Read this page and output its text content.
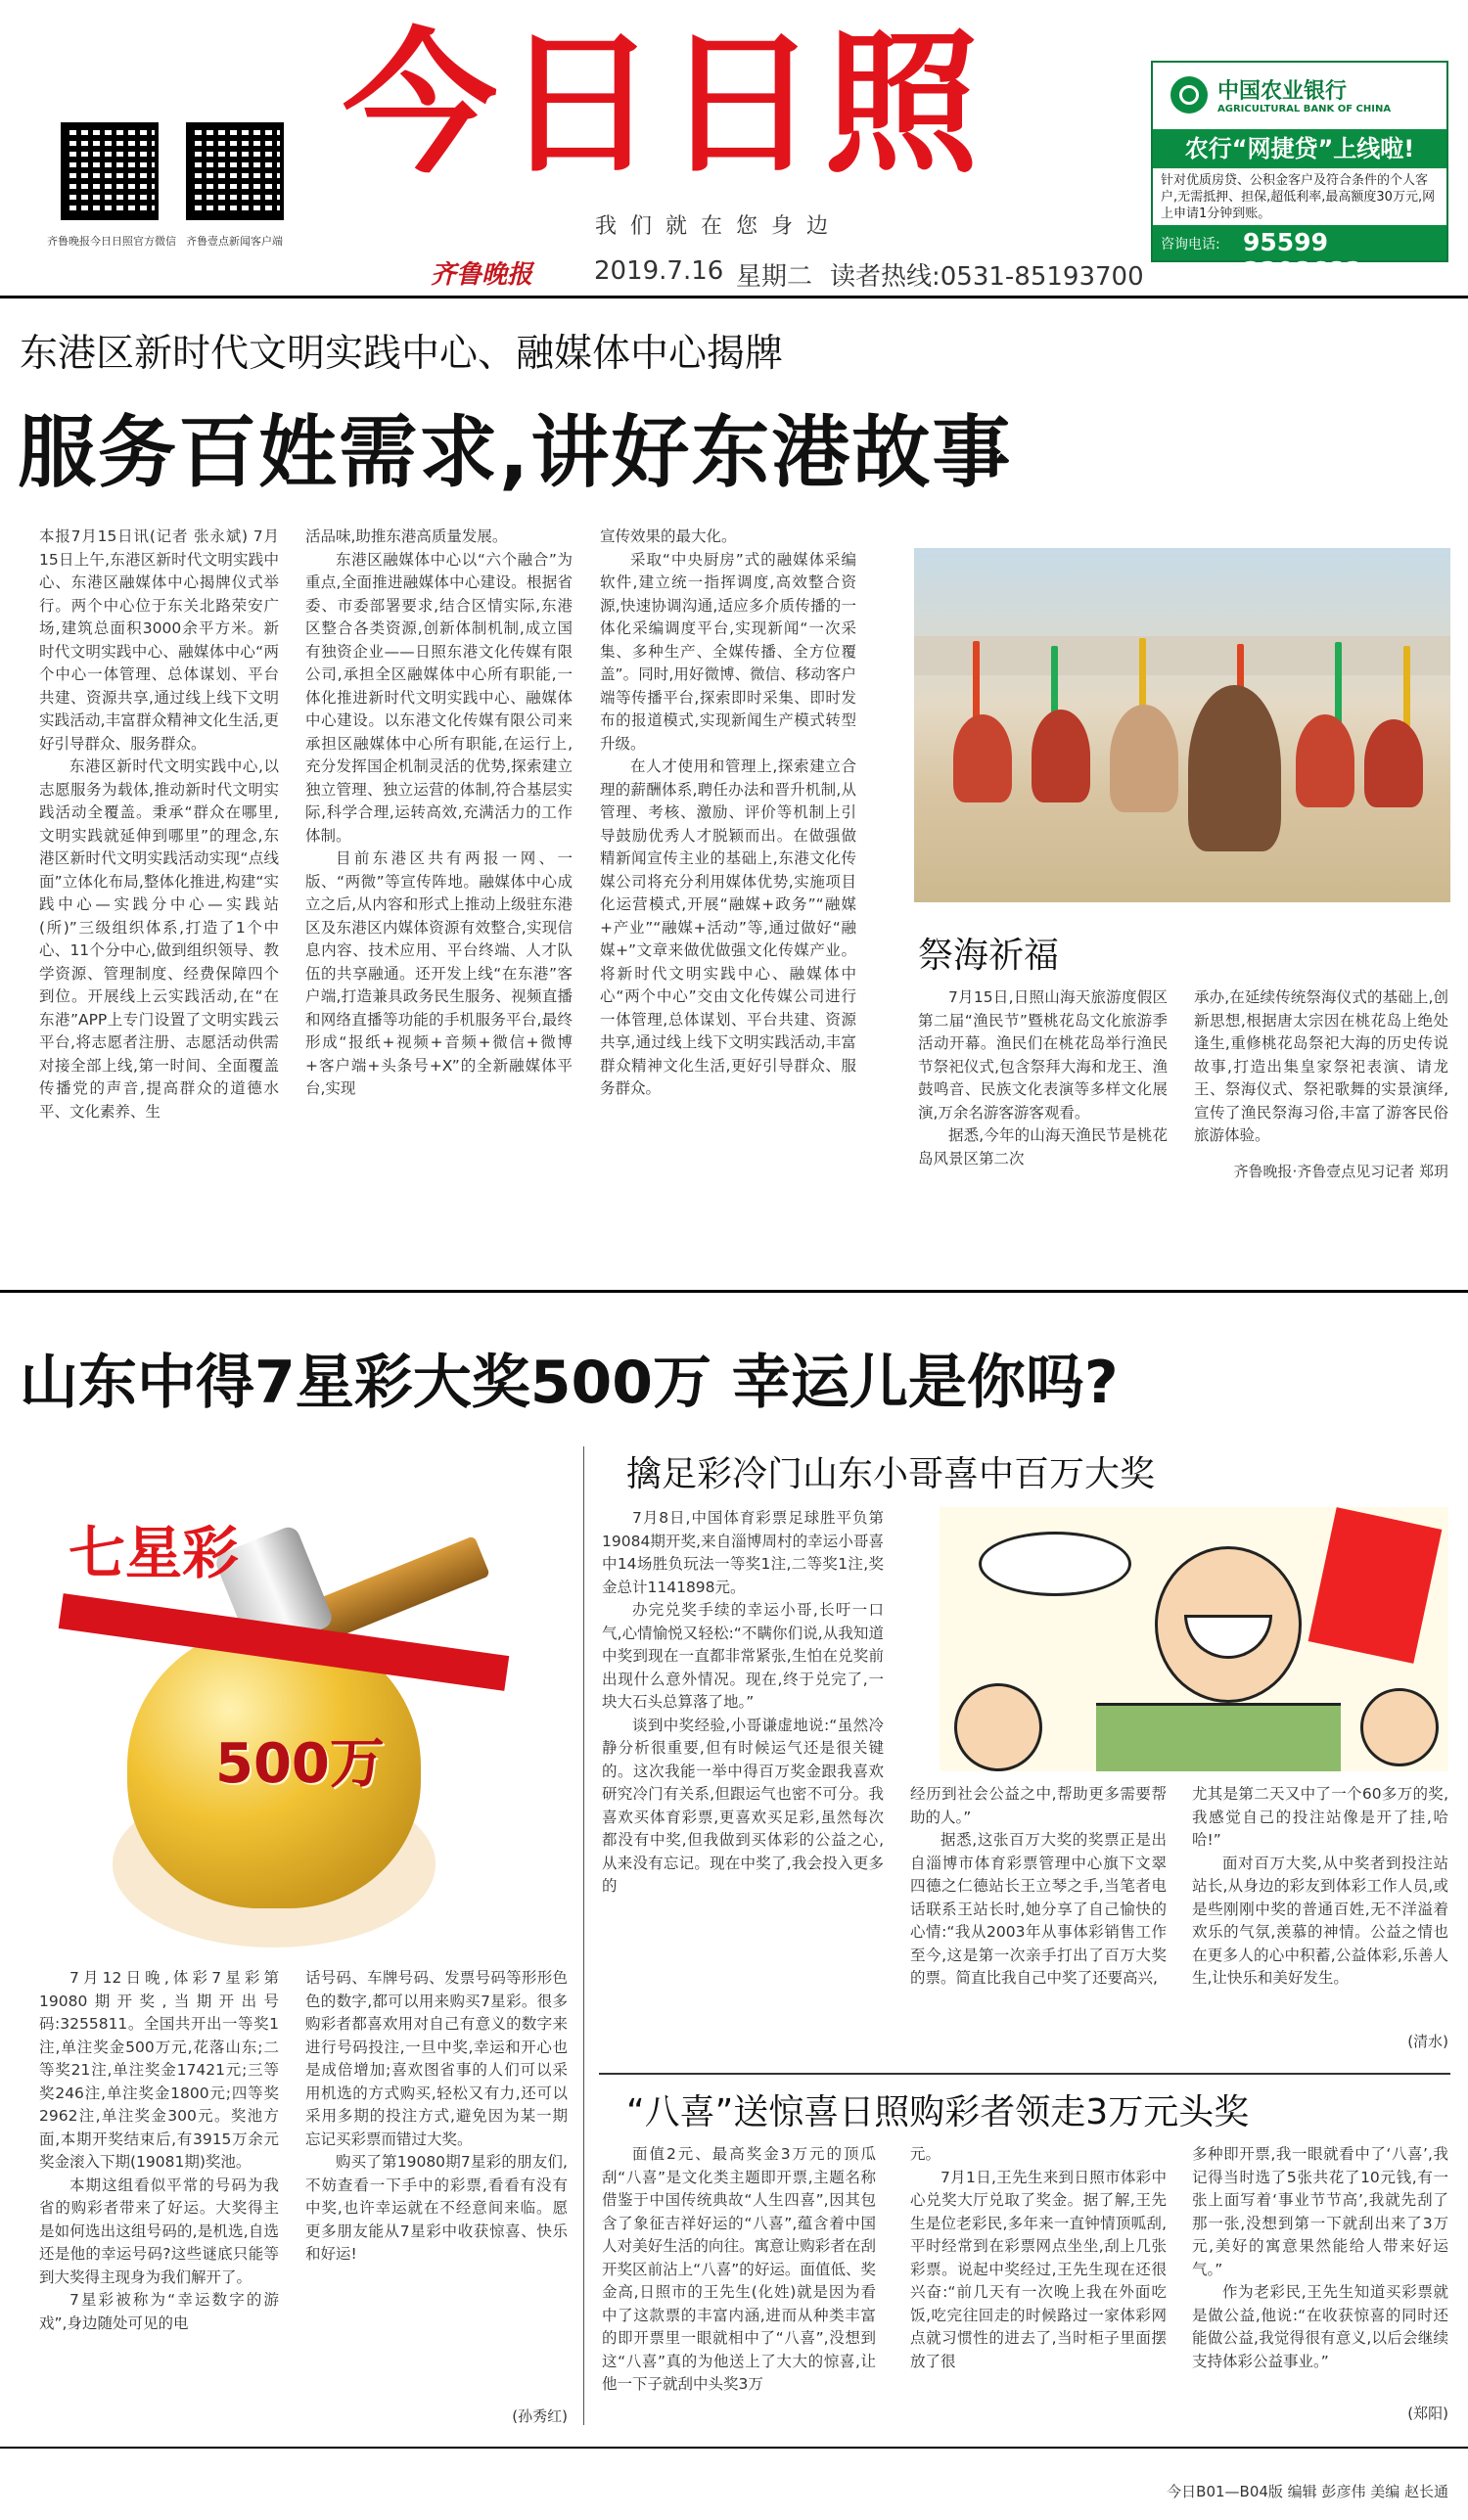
齐鲁晚报今日日照官方微信 齐鲁壹点新闻客户端
今日日照
我们就在您身边
齐鲁晚报 2019.7.16 星期二 读者热线:0531-85193700
中国农业银行
AGRICULTURAL BANK OF CHINA
农行“网捷贷”上线啦!
针对优质房贷、公积金客户及符合条件的个人客户,无需抵押、担保,超低利率,最高额度30万元,网上申请1分钟到账。
咨询电话: 95599 2208682
东港区新时代文明实践中心、融媒体中心揭牌
服务百姓需求,讲好东港故事

本报7月15日讯(记者 张永斌) 7月15日上午,东港区新时代文明实践中心、东港区融媒体中心揭牌仪式举行。两个中心位于东关北路荣安广场,建筑总面积3000余平方米。新时代文明实践中心、融媒体中心“两个中心一体管理、总体谋划、平台共建、资源共享,通过线上线下文明实践活动,丰富群众精神文化生活,更好引导群众、服务群众。

东港区新时代文明实践中心,以志愿服务为载体,推动新时代文明实践活动全覆盖。秉承“群众在哪里,文明实践就延伸到哪里”的理念,东港区新时代文明实践活动实现“点线面”立体化布局,整体化推进,构建“实践中心—实践分中心—实践站(所)”三级组织体系,打造了1个中心、11个分中心,做到组织领导、教学资源、管理制度、经费保障四个到位。开展线上云实践活动,在“在东港”APP上专门设置了文明实践云平台,将志愿者注册、志愿活动供需对接全部上线,第一时间、全面覆盖传播党的声音,提高群众的道德水平、文化素养、生

活品味,助推东港高质量发展。

东港区融媒体中心以“六个融合”为重点,全面推进融媒体中心建设。根据省委、市委部署要求,结合区情实际,东港区整合各类资源,创新体制机制,成立国有独资企业——日照东港文化传媒有限公司,承担全区融媒体中心所有职能,一体化推进新时代文明实践中心、融媒体中心建设。以东港文化传媒有限公司来承担区融媒体中心所有职能,在运行上,充分发挥国企机制灵活的优势,探索建立独立管理、独立运营的体制,符合基层实际,科学合理,运转高效,充满活力的工作体制。

目前东港区共有两报一网、一版、“两微”等宣传阵地。融媒体中心成立之后,从内容和形式上推动上级驻东港区及东港区内媒体资源有效整合,实现信息内容、技术应用、平台终端、人才队伍的共享融通。还开发上线“在东港”客户端,打造兼具政务民生服务、视频直播和网络直播等功能的手机服务平台,最终形成“报纸+视频+音频+微信+微博+客户端+头条号+X”的全新融媒体平台,实现

宣传效果的最大化。

采取“中央厨房”式的融媒体采编软件,建立统一指挥调度,高效整合资源,快速协调沟通,适应多介质传播的一体化采编调度平台,实现新闻“一次采集、多种生产、全媒传播、全方位覆盖”。同时,用好微博、微信、移动客户端等传播平台,探索即时采集、即时发布的报道模式,实现新闻生产模式转型升级。

在人才使用和管理上,探索建立合理的薪酬体系,聘任办法和晋升机制,从管理、考核、激励、评价等机制上引导鼓励优秀人才脱颖而出。在做强做精新闻宣传主业的基础上,东港文化传媒公司将充分利用媒体优势,实施项目化运营模式,开展“融媒+政务”“融媒+产业”“融媒+活动”等,通过做好“融媒+”文章来做优做强文化传媒产业。将新时代文明实践中心、融媒体中心“两个中心”交由文化传媒公司进行一体管理,总体谋划、平台共建、资源共享,通过线上线下文明实践活动,丰富群众精神文化生活,更好引导群众、服务群众。

祭海祈福

7月15日,日照山海天旅游度假区第二届“渔民节”暨桃花岛文化旅游季活动开幕。渔民们在桃花岛举行渔民节祭祀仪式,包含祭拜大海和龙王、渔鼓鸣音、民族文化表演等多样文化展演,万余名游客游客观看。

据悉,今年的山海天渔民节是桃花岛风景区第二次

承办,在延续传统祭海仪式的基础上,创新思想,根据唐太宗因在桃花岛上绝处逢生,重修桃花岛祭祀大海的历史传说故事,打造出集皇家祭祀表演、请龙王、祭海仪式、祭祀歌舞的实景演绎,宣传了渔民祭海习俗,丰富了游客民俗旅游体验。

齐鲁晚报·齐鲁壹点见习记者 郑玥
山东中得7星彩大奖500万 幸运儿是你吗?
七星彩
500万

7月12日晚,体彩7星彩第19080期开奖,当期开出号码:3255811。全国共开出一等奖1注,单注奖金500万元,花落山东;二等奖21注,单注奖金17421元;三等奖246注,单注奖金1800元;四等奖2962注,单注奖金300元。奖池方面,本期开奖结束后,有3915万余元奖金滚入下期(19081期)奖池。

本期这组看似平常的号码为我省的购彩者带来了好运。大奖得主是如何选出这组号码的,是机选,自选还是他的幸运号码?这些谜底只能等到大奖得主现身为我们解开了。

7星彩被称为“幸运数字的游戏”,身边随处可见的电

话号码、车牌号码、发票号码等形形色色的数字,都可以用来购买7星彩。很多购彩者都喜欢用对自己有意义的数字来进行号码投注,一旦中奖,幸运和开心也是成倍增加;喜欢图省事的人们可以采用机选的方式购买,轻松又有力,还可以采用多期的投注方式,避免因为某一期忘记买彩票而错过大奖。

购买了第19080期7星彩的朋友们,不妨查看一下手中的彩票,看看有没有中奖,也许幸运就在不经意间来临。愿更多朋友能从7星彩中收获惊喜、快乐和好运!

(孙秀红)
擒足彩冷门山东小哥喜中百万大奖

7月8日,中国体育彩票足球胜平负第19084期开奖,来自淄博周村的幸运小哥喜中14场胜负玩法一等奖1注,二等奖1注,奖金总计1141898元。

办完兑奖手续的幸运小哥,长吁一口气,心情愉悦又轻松:“不瞒你们说,从我知道中奖到现在一直都非常紧张,生怕在兑奖前出现什么意外情况。现在,终于兑完了,一块大石头总算落了地。”

谈到中奖经验,小哥谦虚地说:“虽然冷静分析很重要,但有时候运气还是很关键的。这次我能一举中得百万奖金跟我喜欢研究冷门有关系,但跟运气也密不可分。我喜欢买体育彩票,更喜欢买足彩,虽然每次都没有中奖,但我做到买体彩的公益之心,从来没有忘记。现在中奖了,我会投入更多的

经历到社会公益之中,帮助更多需要帮助的人。”

据悉,这张百万大奖的奖票正是出自淄博市体育彩票管理中心旗下文翠四德之仁德站长王立琴之手,当笔者电话联系王站长时,她分享了自己愉快的心情:“我从2003年从事体彩销售工作至今,这是第一次亲手打出了百万大奖的票。简直比我自己中奖了还要高兴,

尤其是第二天又中了一个60多万的奖,我感觉自己的投注站像是开了挂,哈哈!”

面对百万大奖,从中奖者到投注站站长,从身边的彩友到体彩工作人员,或是些刚刚中奖的普通百姓,无不洋溢着欢乐的气氛,羡慕的神情。公益之情也在更多人的心中积蓄,公益体彩,乐善人生,让快乐和美好发生。

(清水)
“八喜”送惊喜日照购彩者领走3万元头奖

面值2元、最高奖金3万元的顶瓜刮“八喜”是文化类主题即开票,主题名称借鉴于中国传统典故“人生四喜”,因其包含了象征吉祥好运的“八喜”,蕴含着中国人对美好生活的向往。寓意让购彩者在刮开奖区前沾上“八喜”的好运。面值低、奖金高,日照市的王先生(化姓)就是因为看中了这款票的丰富内涵,进而从种类丰富的即开票里一眼就相中了“八喜”,没想到这“八喜”真的为他送上了大大的惊喜,让他一下子就刮中头奖3万

元。

7月1日,王先生来到日照市体彩中心兑奖大厅兑取了奖金。据了解,王先生是位老彩民,多年来一直钟情顶呱刮,平时经常到在彩票网点坐坐,刮上几张彩票。说起中奖经过,王先生现在还很兴奋:“前几天有一次晚上我在外面吃饭,吃完往回走的时候路过一家体彩网点就习惯性的进去了,当时柜子里面摆放了很

多种即开票,我一眼就看中了‘八喜’,我记得当时选了5张共花了10元钱,有一张上面写着‘事业节节高’,我就先刮了那一张,没想到第一下就刮出来了3万元,美好的寓意果然能给人带来好运气。”

作为老彩民,王先生知道买彩票就是做公益,他说:“在收获惊喜的同时还能做公益,我觉得很有意义,以后会继续支持体彩公益事业。”

(郑阳)
今日B01—B04版 编辑 彭彦伟 美编 赵长通
